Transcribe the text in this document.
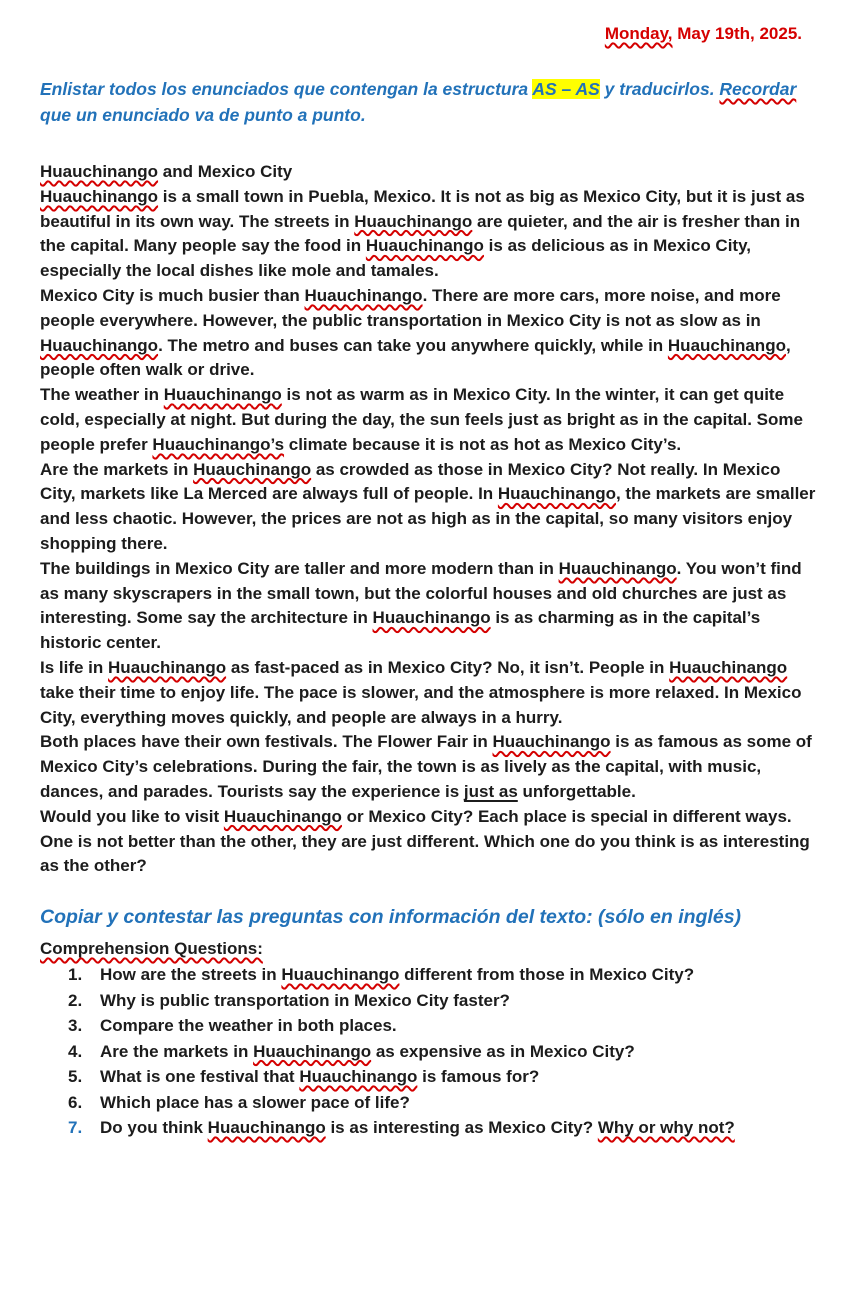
Monday, May 19th, 2025.

Enlistar todos los enunciados que contengan la estructura AS – AS y traducirlos. Recordar que un enunciado va de punto a punto.

Huauchinango and Mexico City

Huauchinango is a small town in Puebla, Mexico. It is not as big as Mexico City, but it is just as beautiful in its own way. The streets in Huauchinango are quieter, and the air is fresher than in the capital. Many people say the food in Huauchinango is as delicious as in Mexico City, especially the local dishes like mole and tamales.

Mexico City is much busier than Huauchinango. There are more cars, more noise, and more people everywhere. However, the public transportation in Mexico City is not as slow as in Huauchinango. The metro and buses can take you anywhere quickly, while in Huauchinango, people often walk or drive.

The weather in Huauchinango is not as warm as in Mexico City. In the winter, it can get quite cold, especially at night. But during the day, the sun feels just as bright as in the capital. Some people prefer Huauchinango’s climate because it is not as hot as Mexico City’s.

Are the markets in Huauchinango as crowded as those in Mexico City? Not really. In Mexico City, markets like La Merced are always full of people. In Huauchinango, the markets are smaller and less chaotic. However, the prices are not as high as in the capital, so many visitors enjoy shopping there.

The buildings in Mexico City are taller and more modern than in Huauchinango. You won’t find as many skyscrapers in the small town, but the colorful houses and old churches are just as interesting. Some say the architecture in Huauchinango is as charming as in the capital’s historic center.

Is life in Huauchinango as fast-paced as in Mexico City? No, it isn’t. People in Huauchinango take their time to enjoy life. The pace is slower, and the atmosphere is more relaxed. In Mexico City, everything moves quickly, and people are always in a hurry.

Both places have their own festivals. The Flower Fair in Huauchinango is as famous as some of Mexico City’s celebrations. During the fair, the town is as lively as the capital, with music, dances, and parades. Tourists say the experience is just as unforgettable.

Would you like to visit Huauchinango or Mexico City? Each place is special in different ways. One is not better than the other, they are just different. Which one do you think is as interesting as the other?

Copiar y contestar las preguntas con información del texto: (sólo en inglés)
Comprehension Questions:
1.	How are the streets in Huauchinango different from those in Mexico City?
2.	Why is public transportation in Mexico City faster?
3.	Compare the weather in both places.
4.	Are the markets in Huauchinango as expensive as in Mexico City?
5.	What is one festival that Huauchinango is famous for?
6.	Which place has a slower pace of life?
7.	Do you think Huauchinango is as interesting as Mexico City? Why or why not?
